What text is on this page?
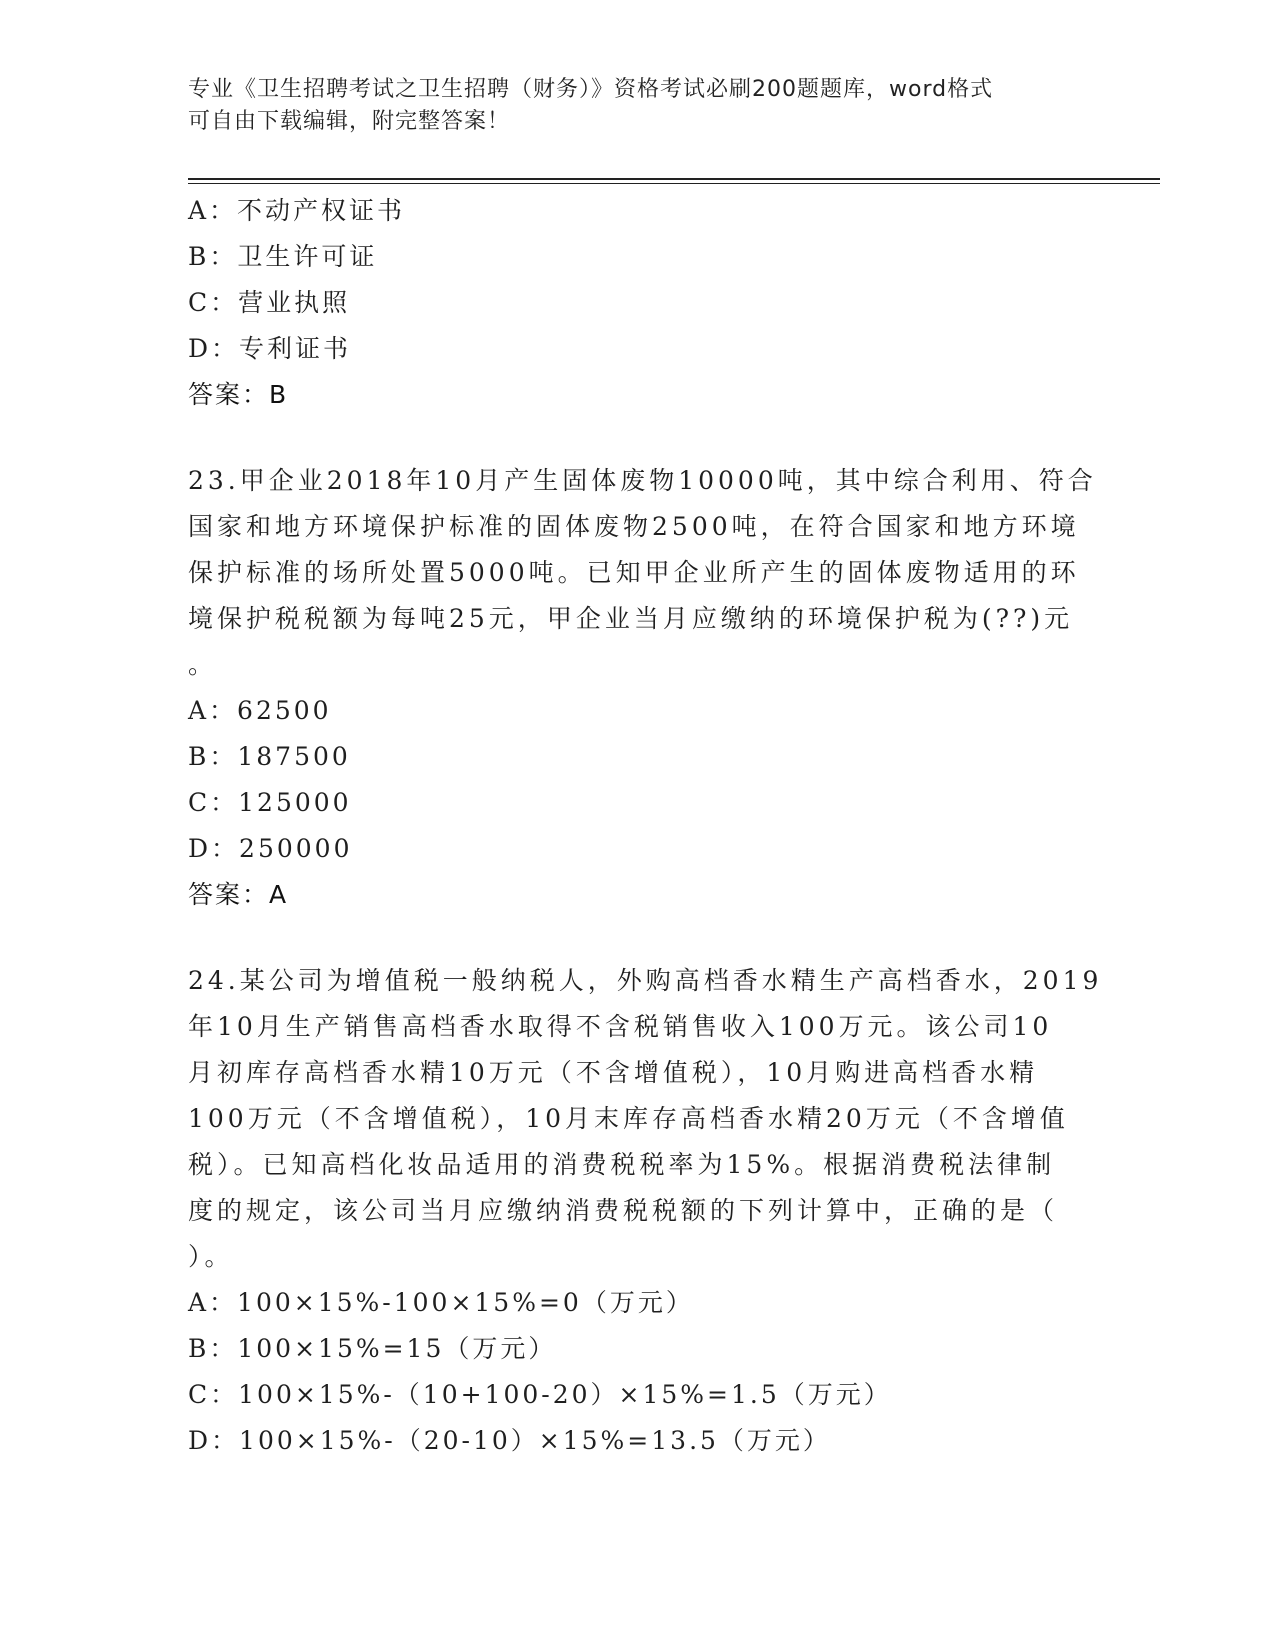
专业《卫生招聘考试之卫生招聘（财务）》资格考试必刷200题题库，word格式
可自由下载编辑，附完整答案！
A：不动产权证书
B：卫生许可证
C：营业执照
D：专利证书
答案：B
23.甲企业2018年10月产生固体废物10000吨，其中综合利用、符合
国家和地方环境保护标准的固体废物2500吨，在符合国家和地方环境
保护标准的场所处置5000吨。已知甲企业所产生的固体废物适用的环
境保护税税额为每吨25元，甲企业当月应缴纳的环境保护税为(??)元
。
A：62500
B：187500
C：125000
D：250000
答案：A
24.某公司为增值税一般纳税人，外购高档香水精生产高档香水，2019
年10月生产销售高档香水取得不含税销售收入100万元。该公司10
月初库存高档香水精10万元（不含增值税），10月购进高档香水精
100万元（不含增值税），10月末库存高档香水精20万元（不含增值
税）。已知高档化妆品适用的消费税税率为15%。根据消费税法律制
度的规定，该公司当月应缴纳消费税税额的下列计算中，正确的是（
）。
A：100×15%-100×15%=0（万元）
B：100×15%=15（万元）
C：100×15%-（10+100-20）×15%=1.5（万元）
D：100×15%-（20-10）×15%=13.5（万元）
